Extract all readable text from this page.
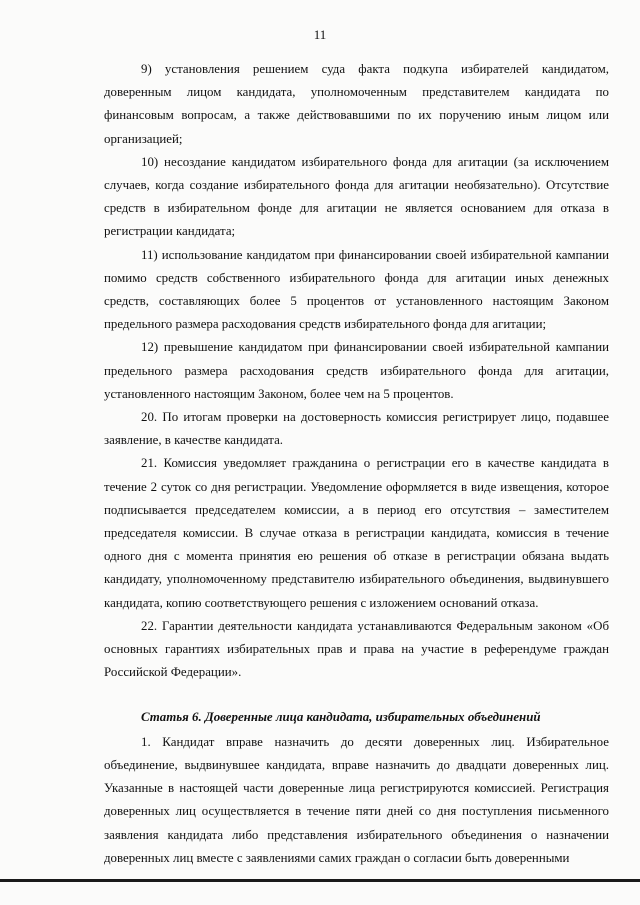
11

9) установления решением суда факта подкупа избирателей кандидатом, доверенным лицом кандидата, уполномоченным представителем кандидата по финансовым вопросам, а также действовавшими по их поручению иным лицом или организацией;

10) несоздание кандидатом избирательного фонда для агитации (за исключением случаев, когда создание избирательного фонда для агитации необязательно). Отсутствие средств в избирательном фонде для агитации не является основанием для отказа в регистрации кандидата;

11) использование кандидатом при финансировании своей избирательной кампании помимо средств собственного избирательного фонда для агитации иных денежных средств, составляющих более 5 процентов от установленного настоящим Законом предельного размера расходования средств избирательного фонда для агитации;

12) превышение кандидатом при финансировании своей избирательной кампании предельного размера расходования средств избирательного фонда для агитации, установленного настоящим Законом, более чем на 5 процентов.

20. По итогам проверки на достоверность комиссия регистрирует лицо, подавшее заявление, в качестве кандидата.

21. Комиссия уведомляет гражданина о регистрации его в качестве кандидата в течение 2 суток со дня регистрации. Уведомление оформляется в виде извещения, которое подписывается председателем комиссии, а в период его отсутствия – заместителем председателя комиссии. В случае отказа в регистрации кандидата, комиссия в течение одного дня с момента принятия ею решения об отказе в регистрации обязана выдать кандидату, уполномоченному представителю избирательного объединения, выдвинувшего кандидата, копию соответствующего решения с изложением оснований отказа.

22. Гарантии деятельности кандидата устанавливаются Федеральным законом «Об основных гарантиях избирательных прав и права на участие в референдуме граждан Российской Федерации».

Статья 6. Доверенные лица кандидата, избирательных объединений

1. Кандидат вправе назначить до десяти доверенных лиц. Избирательное объединение, выдвинувшее кандидата, вправе назначить до двадцати доверенных лиц. Указанные в настоящей части доверенные лица регистрируются комиссией. Регистрация доверенных лиц осуществляется в течение пяти дней со дня поступления письменного заявления кандидата либо представления избирательного объединения о назначении доверенных лиц вместе с заявлениями самих граждан о согласии быть доверенными
